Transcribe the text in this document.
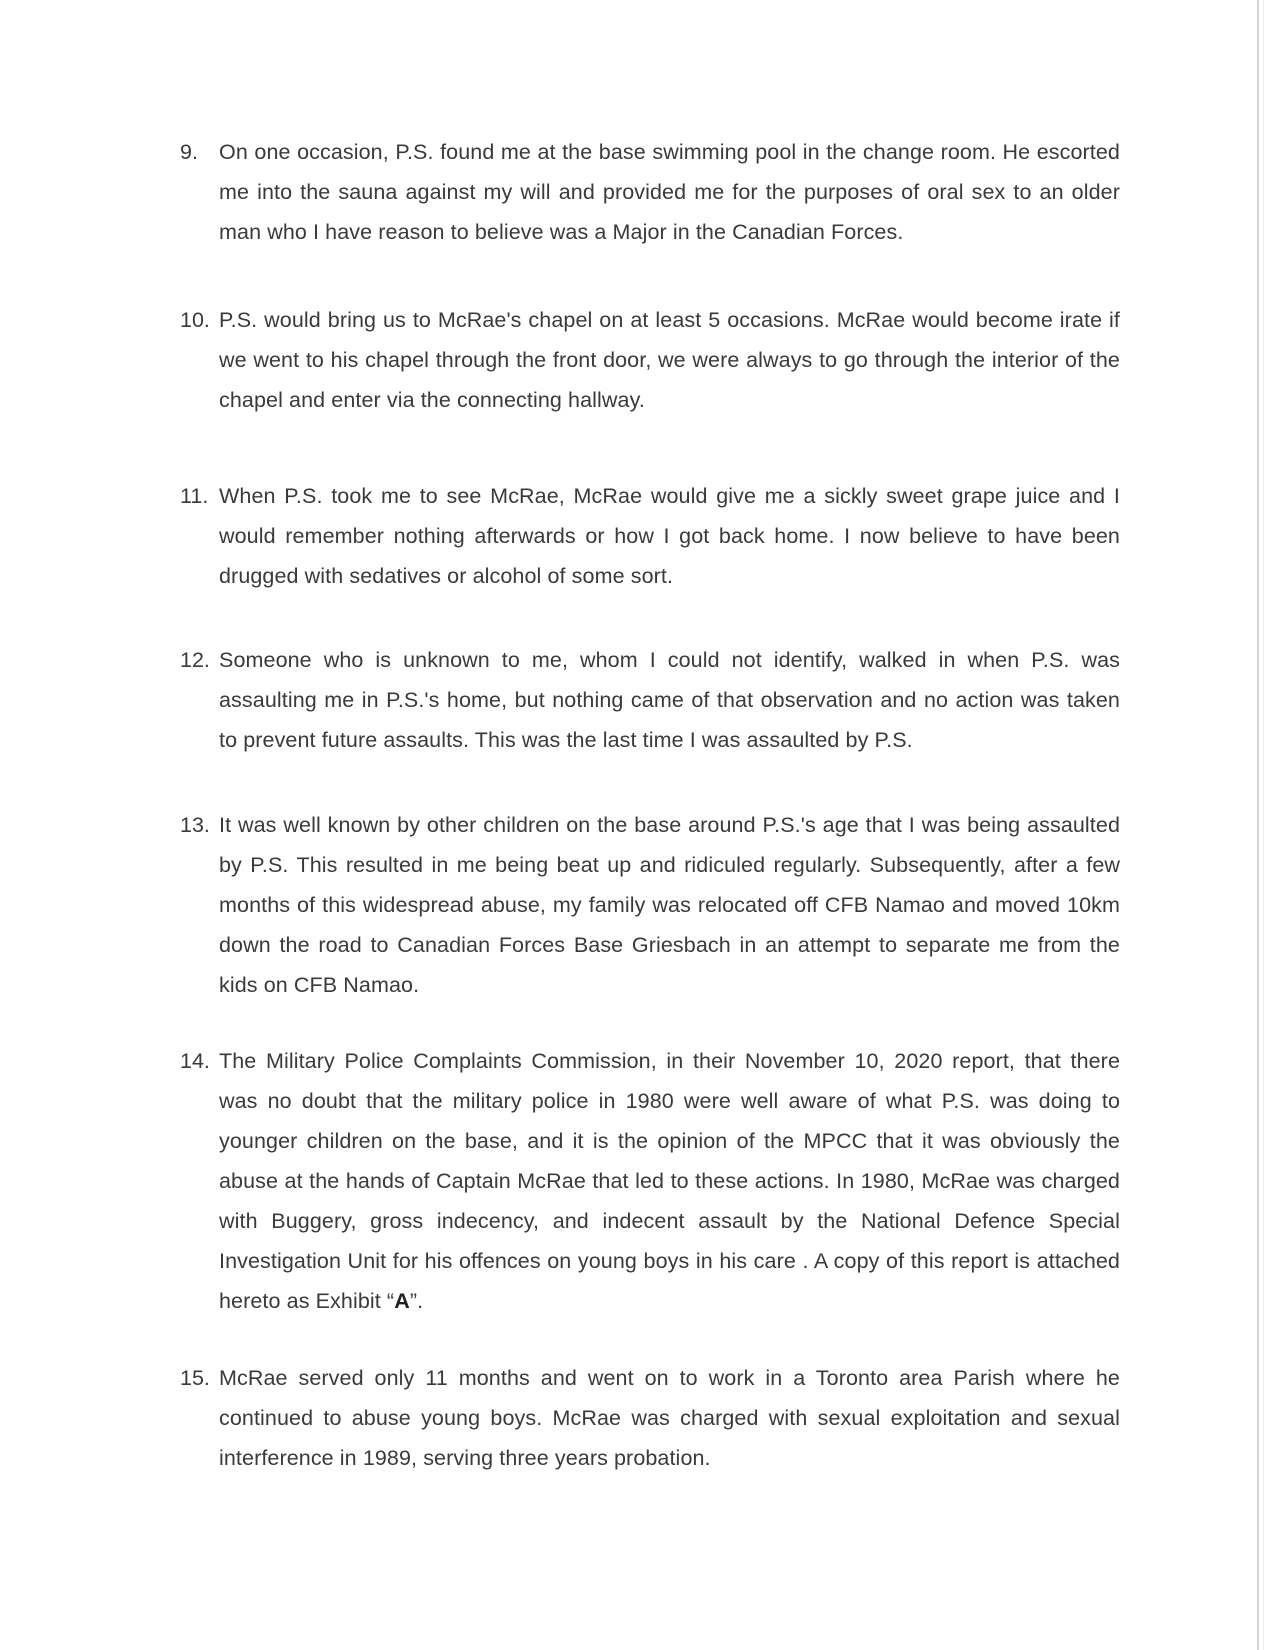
9. On one occasion, P.S. found me at the base swimming pool in the change room. He escorted me into the sauna against my will and provided me for the purposes of oral sex to an older man who I have reason to believe was a Major in the Canadian Forces.
10. P.S. would bring us to McRae's chapel on at least 5 occasions. McRae would become irate if we went to his chapel through the front door, we were always to go through the interior of the chapel and enter via the connecting hallway.
11. When P.S. took me to see McRae, McRae would give me a sickly sweet grape juice and I would remember nothing afterwards or how I got back home. I now believe to have been drugged with sedatives or alcohol of some sort.
12. Someone who is unknown to me, whom I could not identify, walked in when P.S. was assaulting me in P.S.'s home, but nothing came of that observation and no action was taken to prevent future assaults. This was the last time I was assaulted by P.S.
13. It was well known by other children on the base around P.S.'s age that I was being assaulted by P.S. This resulted in me being beat up and ridiculed regularly. Subsequently, after a few months of this widespread abuse, my family was relocated off CFB Namao and moved 10km down the road to Canadian Forces Base Griesbach in an attempt to separate me from the kids on CFB Namao.
14. The Military Police Complaints Commission, in their November 10, 2020 report, that there was no doubt that the military police in 1980 were well aware of what P.S. was doing to younger children on the base, and it is the opinion of the MPCC that it was obviously the abuse at the hands of Captain McRae that led to these actions. In 1980, McRae was charged with Buggery, gross indecency, and indecent assault by the National Defence Special Investigation Unit for his offences on young boys in his care . A copy of this report is attached hereto as Exhibit “A”.
15. McRae served only 11 months and went on to work in a Toronto area Parish where he continued to abuse young boys. McRae was charged with sexual exploitation and sexual interference in 1989, serving three years probation.
